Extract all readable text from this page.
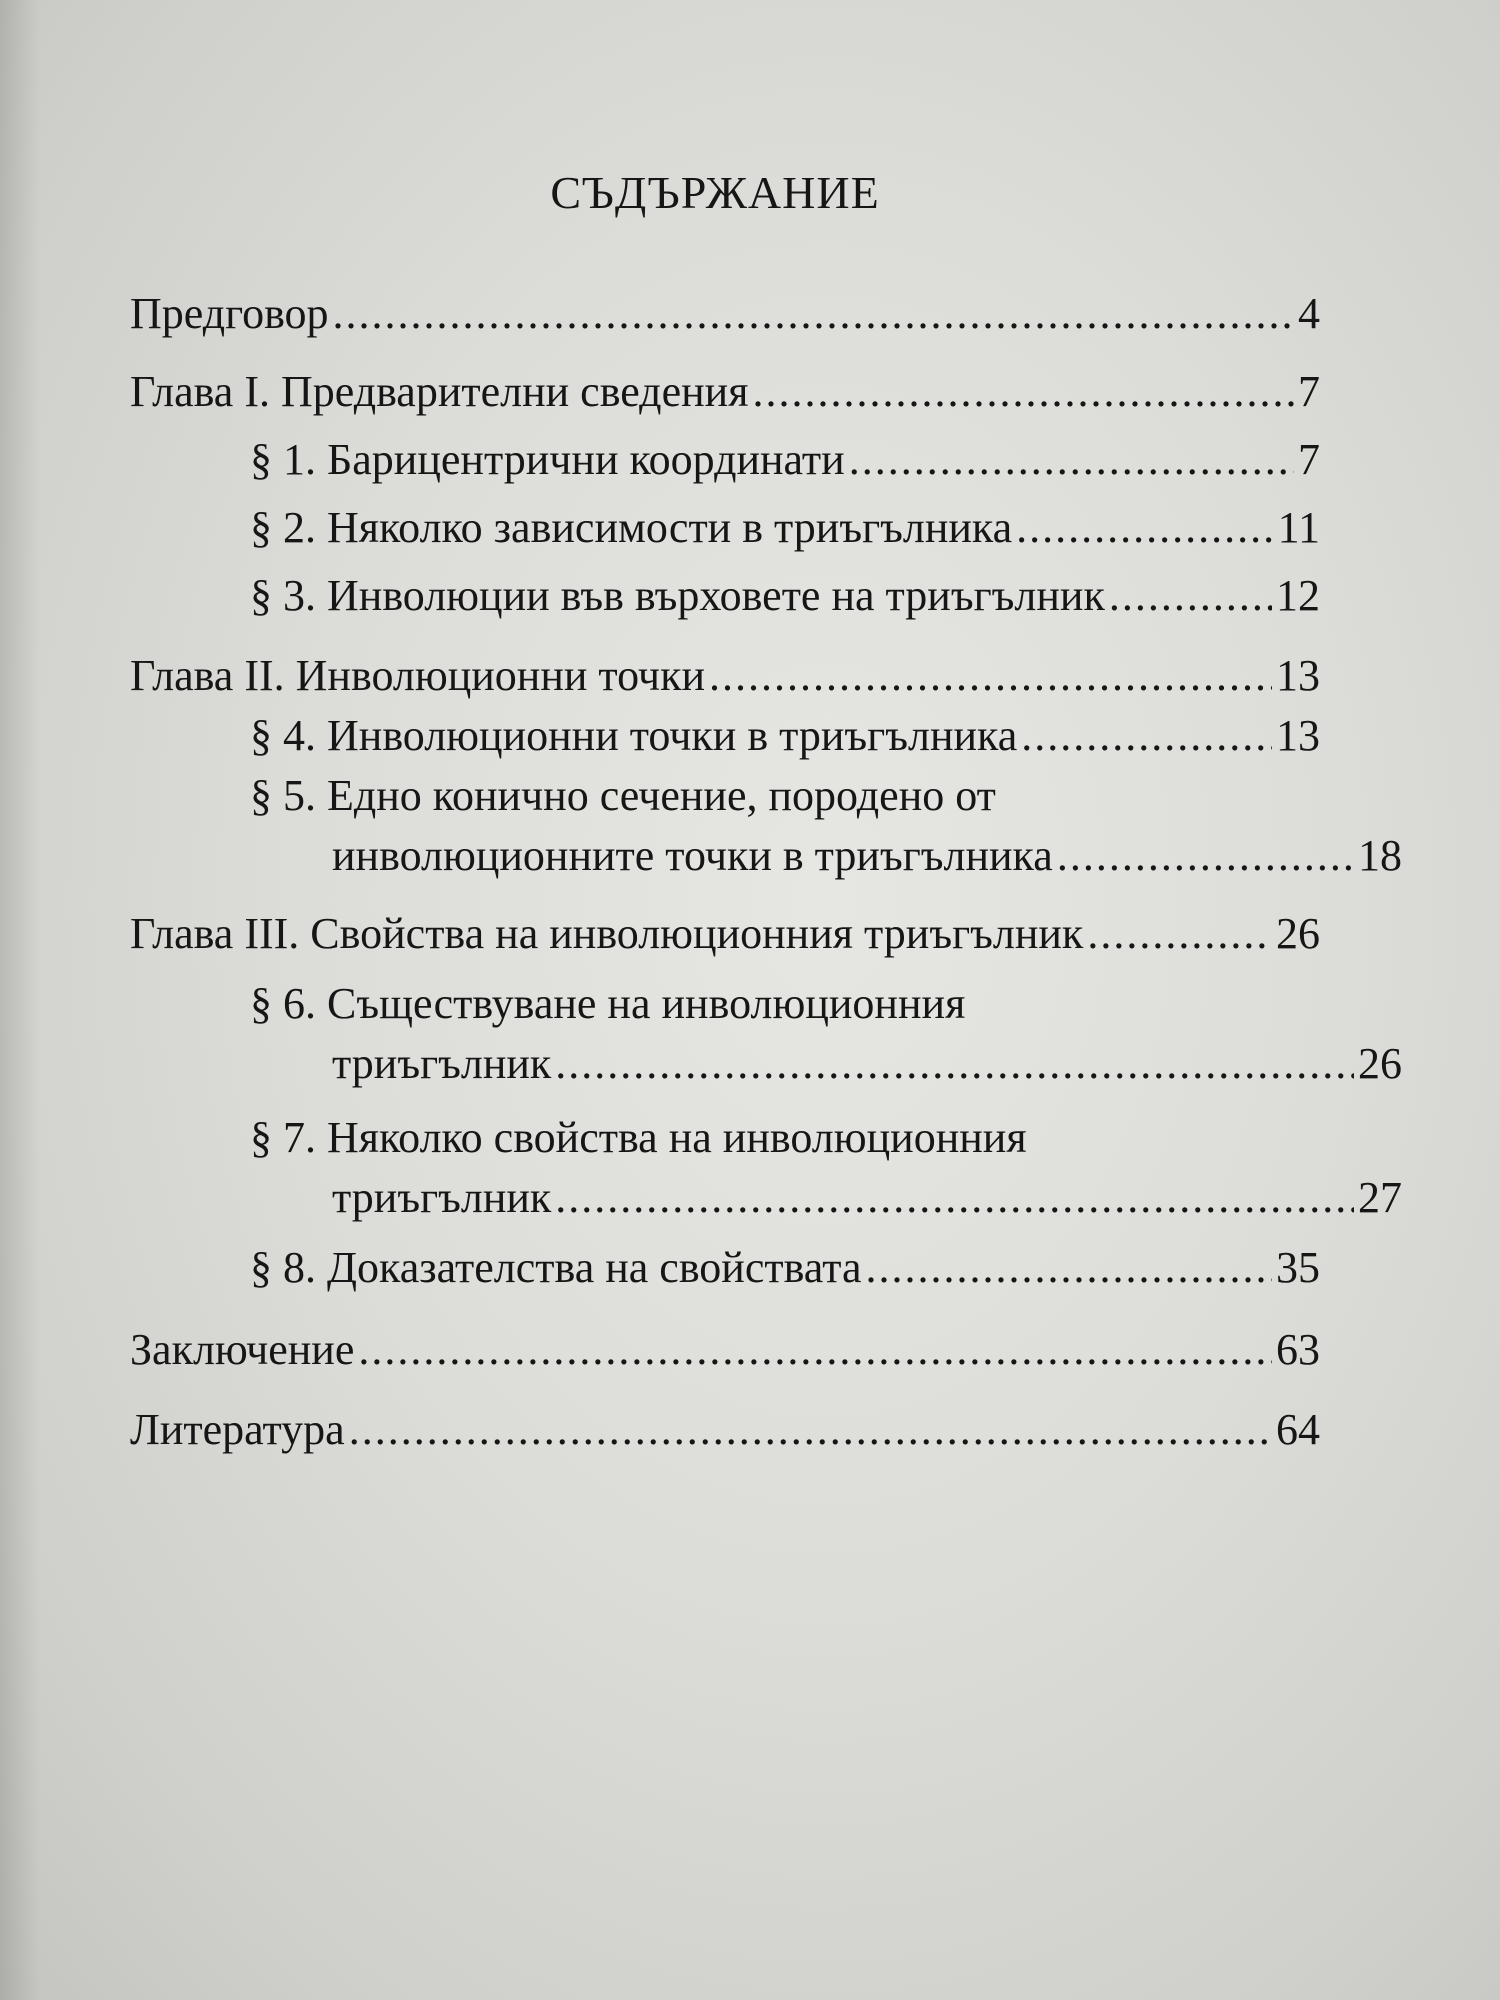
СЪДЪРЖАНИЕ
Предговор .....	4
Глава I. Предварителни сведения .....	7
§ 1. Барицентрични координати .....	7
§ 2. Няколко зависимости в триъгълника .....	11
§ 3. Инволюции във върховете на триъгълник .....	12
Глава II. Инволюционни точки .....	13
§ 4. Инволюционни точки в триъгълника .....	13
§ 5. Едно конично сечение, породено от
инволюционните точки в триъгълника .....	18
Глава III. Свойства на инволюционния триъгълник .....	26
§ 6. Съществуване на инволюционния
триъгълник .....	26
§ 7. Няколко свойства на инволюционния
триъгълник .....	27
§ 8. Доказателства на свойствата .....	35
Заключение .....	63
Литература .....	64
